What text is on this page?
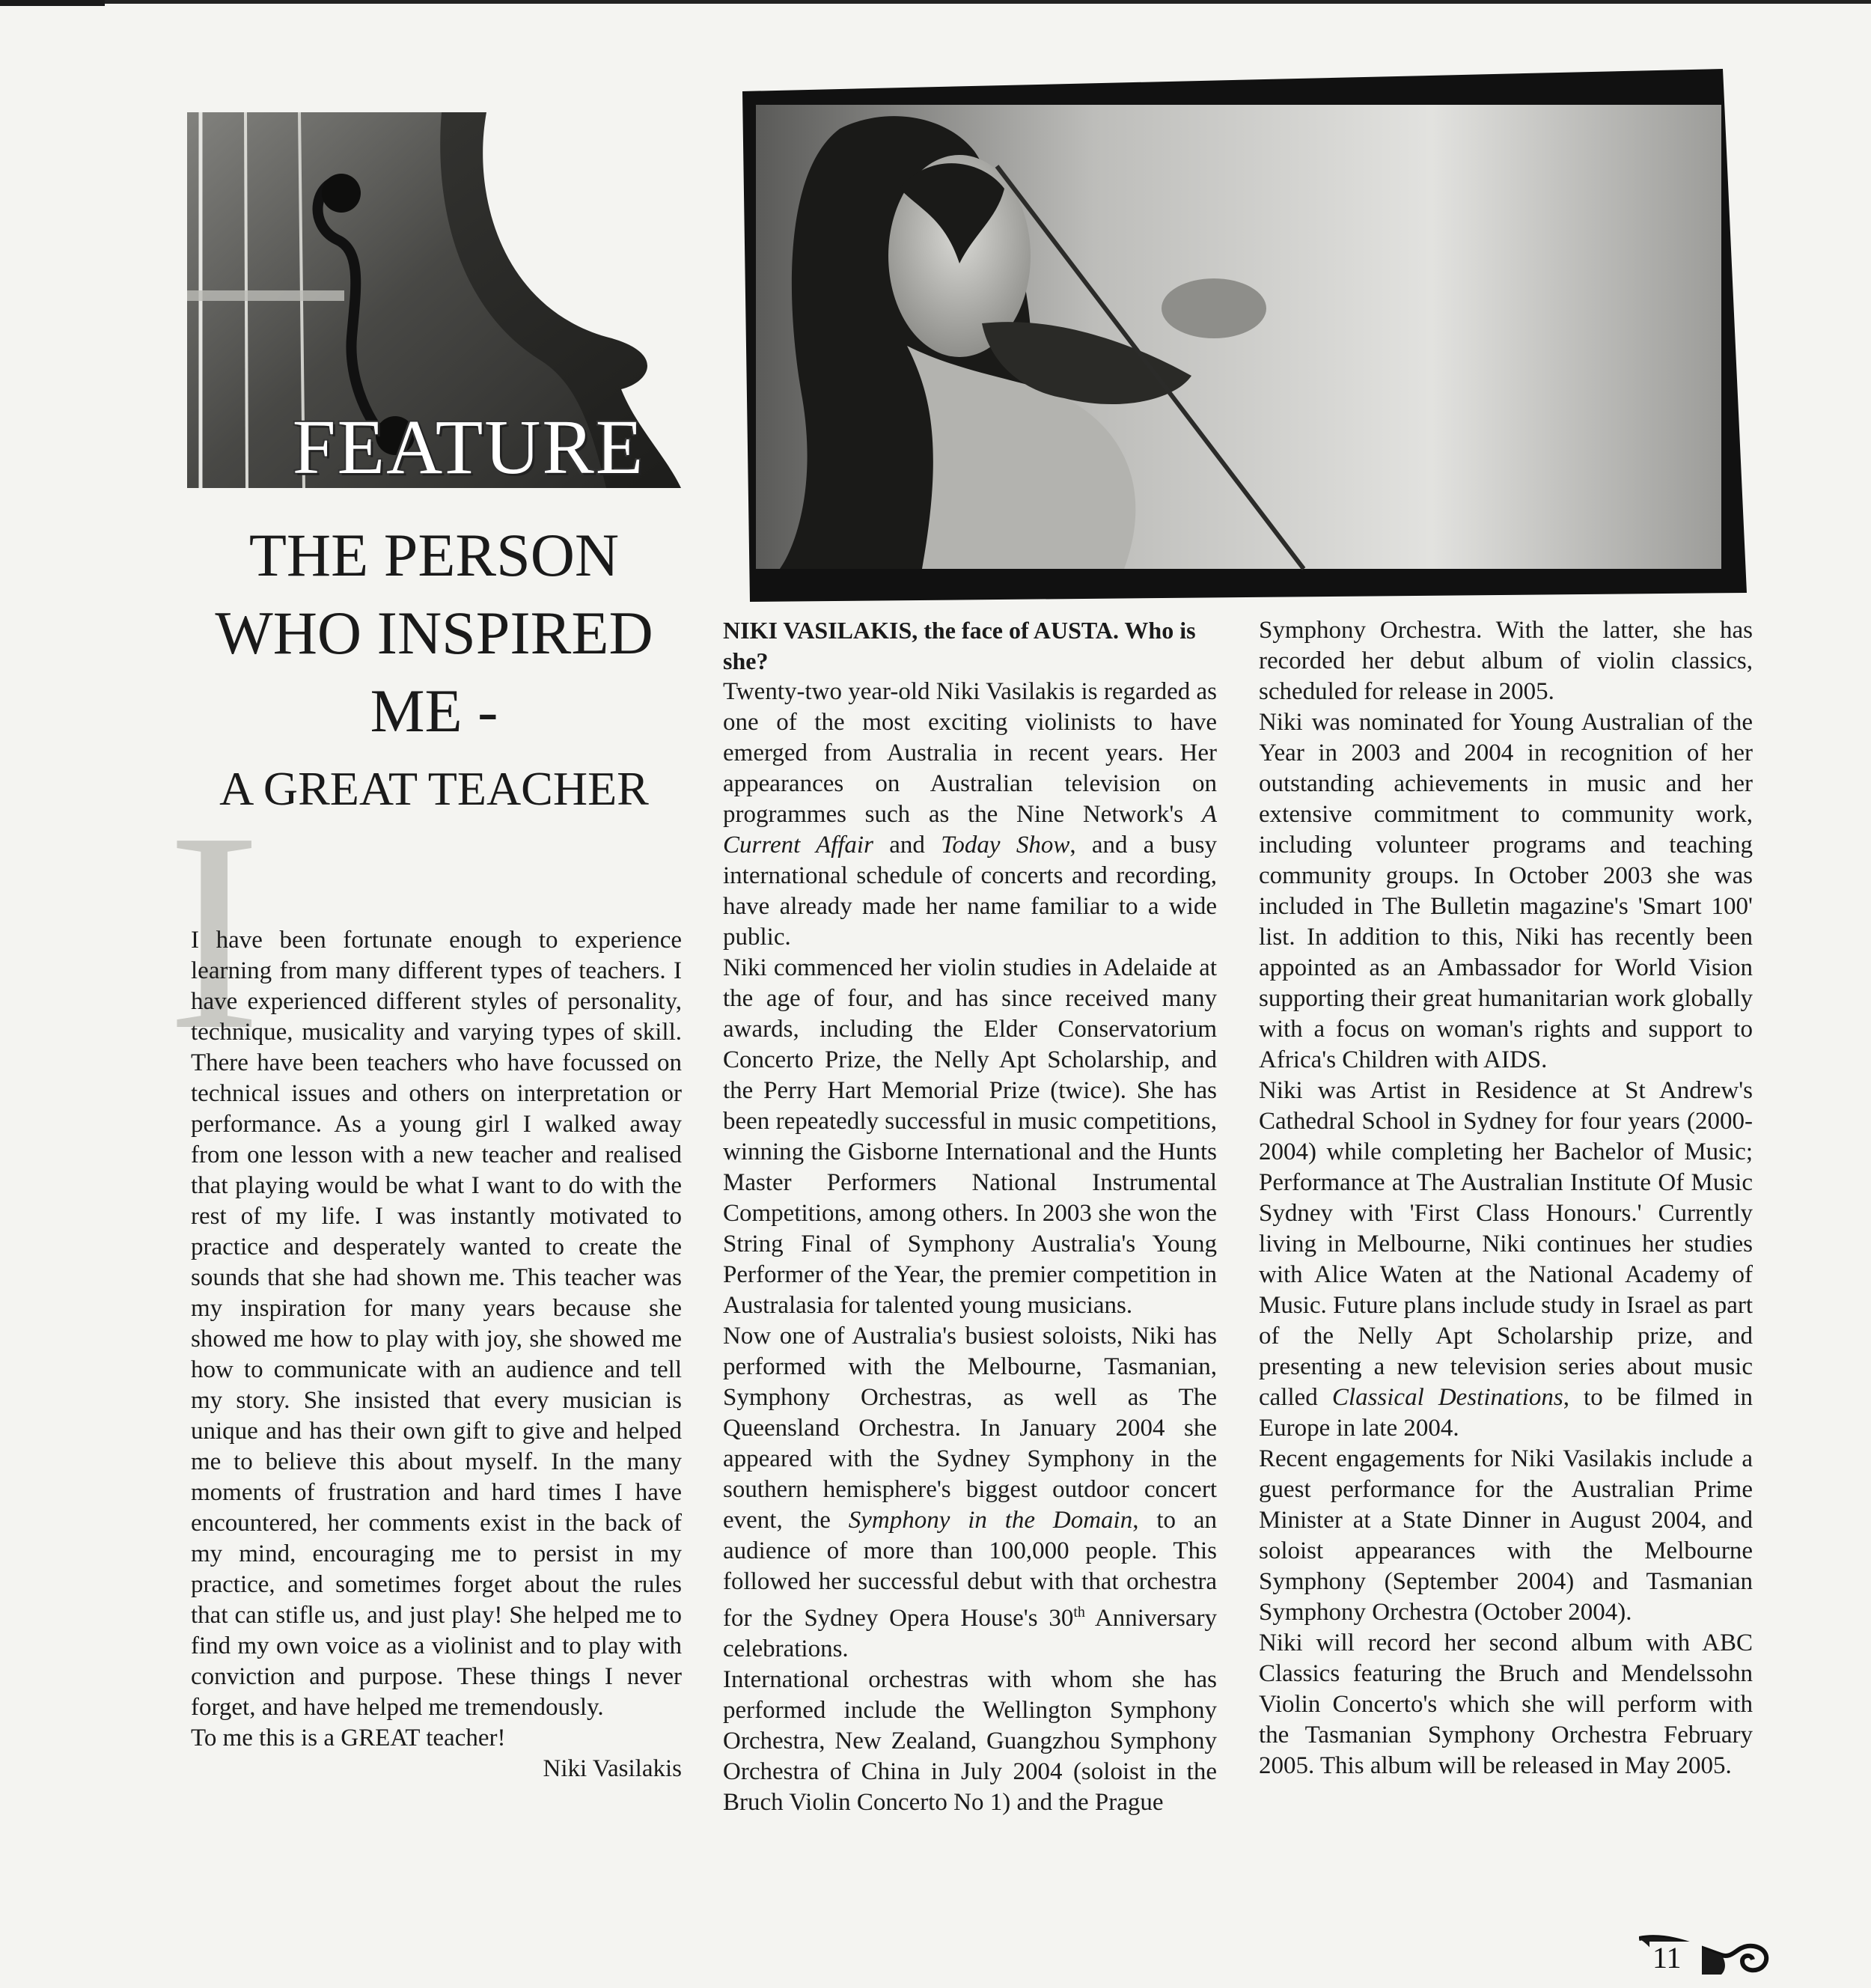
FEATURE
THE PERSON
WHO INSPIRED
ME -
A GREAT TEACHER
I

I have been fortunate enough to experience learning from many different types of teachers. I have experienced different styles of personality, technique, musicality and varying types of skill. There have been teachers who have focussed on technical issues and others on interpretation or performance. As a young girl I walked away from one lesson with a new teacher and realised that playing would be what I want to do with the rest of my life. I was instantly motivated to practice and desperately wanted to create the sounds that she had shown me. This teacher was my inspiration for many years because she showed me how to play with joy, she showed me how to communicate with an audience and tell my story. She insisted that every musician is unique and has their own gift to give and helped me to believe this about myself. In the many moments of frustration and hard times I have encountered, her comments exist in the back of my mind, encouraging me to persist in my practice, and sometimes forget about the rules that can stifle us, and just play! She helped me to find my own voice as a violinist and to play with conviction and purpose. These things I never forget, and have helped me tremendously.

To me this is a GREAT teacher!

Niki Vasilakis

NIKI VASILAKIS, the face of AUSTA. Who is she?

Twenty-two year-old Niki Vasilakis is regarded as one of the most exciting violinists to have emerged from Australia in recent years. Her appearances on Australian television on programmes such as the Nine Network's A Current Affair and Today Show, and a busy international schedule of concerts and recording, have already made her name familiar to a wide public.

Niki commenced her violin studies in Adelaide at the age of four, and has since received many awards, including the Elder Conservatorium Concerto Prize, the Nelly Apt Scholarship, and the Perry Hart Memorial Prize (twice). She has been repeatedly successful in music competitions, winning the Gisborne International and the Hunts Master Performers National Instrumental Competitions, among others. In 2003 she won the String Final of Symphony Australia's Young Performer of the Year, the premier competition in Australasia for talented young musicians.

Now one of Australia's busiest soloists, Niki has performed with the Melbourne, Tasmanian, Symphony Orchestras, as well as The Queensland Orchestra. In January 2004 she appeared with the Sydney Symphony in the southern hemisphere's biggest outdoor concert event, the Symphony in the Domain, to an audience of more than 100,000 people. This followed her successful debut with that orchestra for the Sydney Opera House's 30th Anniversary celebrations.

International orchestras with whom she has performed include the Wellington Symphony Orchestra, New Zealand, Guangzhou Symphony Orchestra of China in July 2004 (soloist in the Bruch Violin Concerto No 1) and the Prague

Symphony Orchestra. With the latter, she has recorded her debut album of violin classics, scheduled for release in 2005.

Niki was nominated for Young Australian of the Year in 2003 and 2004 in recognition of her outstanding achievements in music and her extensive commitment to community work, including volunteer programs and teaching community groups. In October 2003 she was included in The Bulletin magazine's 'Smart 100' list. In addition to this, Niki has recently been appointed as an Ambassador for World Vision supporting their great humanitarian work globally with a focus on woman's rights and support to Africa's Children with AIDS.

Niki was Artist in Residence at St Andrew's Cathedral School in Sydney for four years (2000-2004) while completing her Bachelor of Music; Performance at The Australian Institute Of Music Sydney with 'First Class Honours.' Currently living in Melbourne, Niki continues her studies with Alice Waten at the National Academy of Music. Future plans include study in Israel as part of the Nelly Apt Scholarship prize, and presenting a new television series about music called Classical Destinations, to be filmed in Europe in late 2004.

Recent engagements for Niki Vasilakis include a guest performance for the Australian Prime Minister at a State Dinner in August 2004, and soloist appearances with the Melbourne Symphony (September 2004) and Tasmanian Symphony Orchestra (October 2004).

Niki will record her second album with ABC Classics featuring the Bruch and Mendelssohn Violin Concerto's which she will perform with the Tasmanian Symphony Orchestra February 2005. This album will be released in May 2005.

11
